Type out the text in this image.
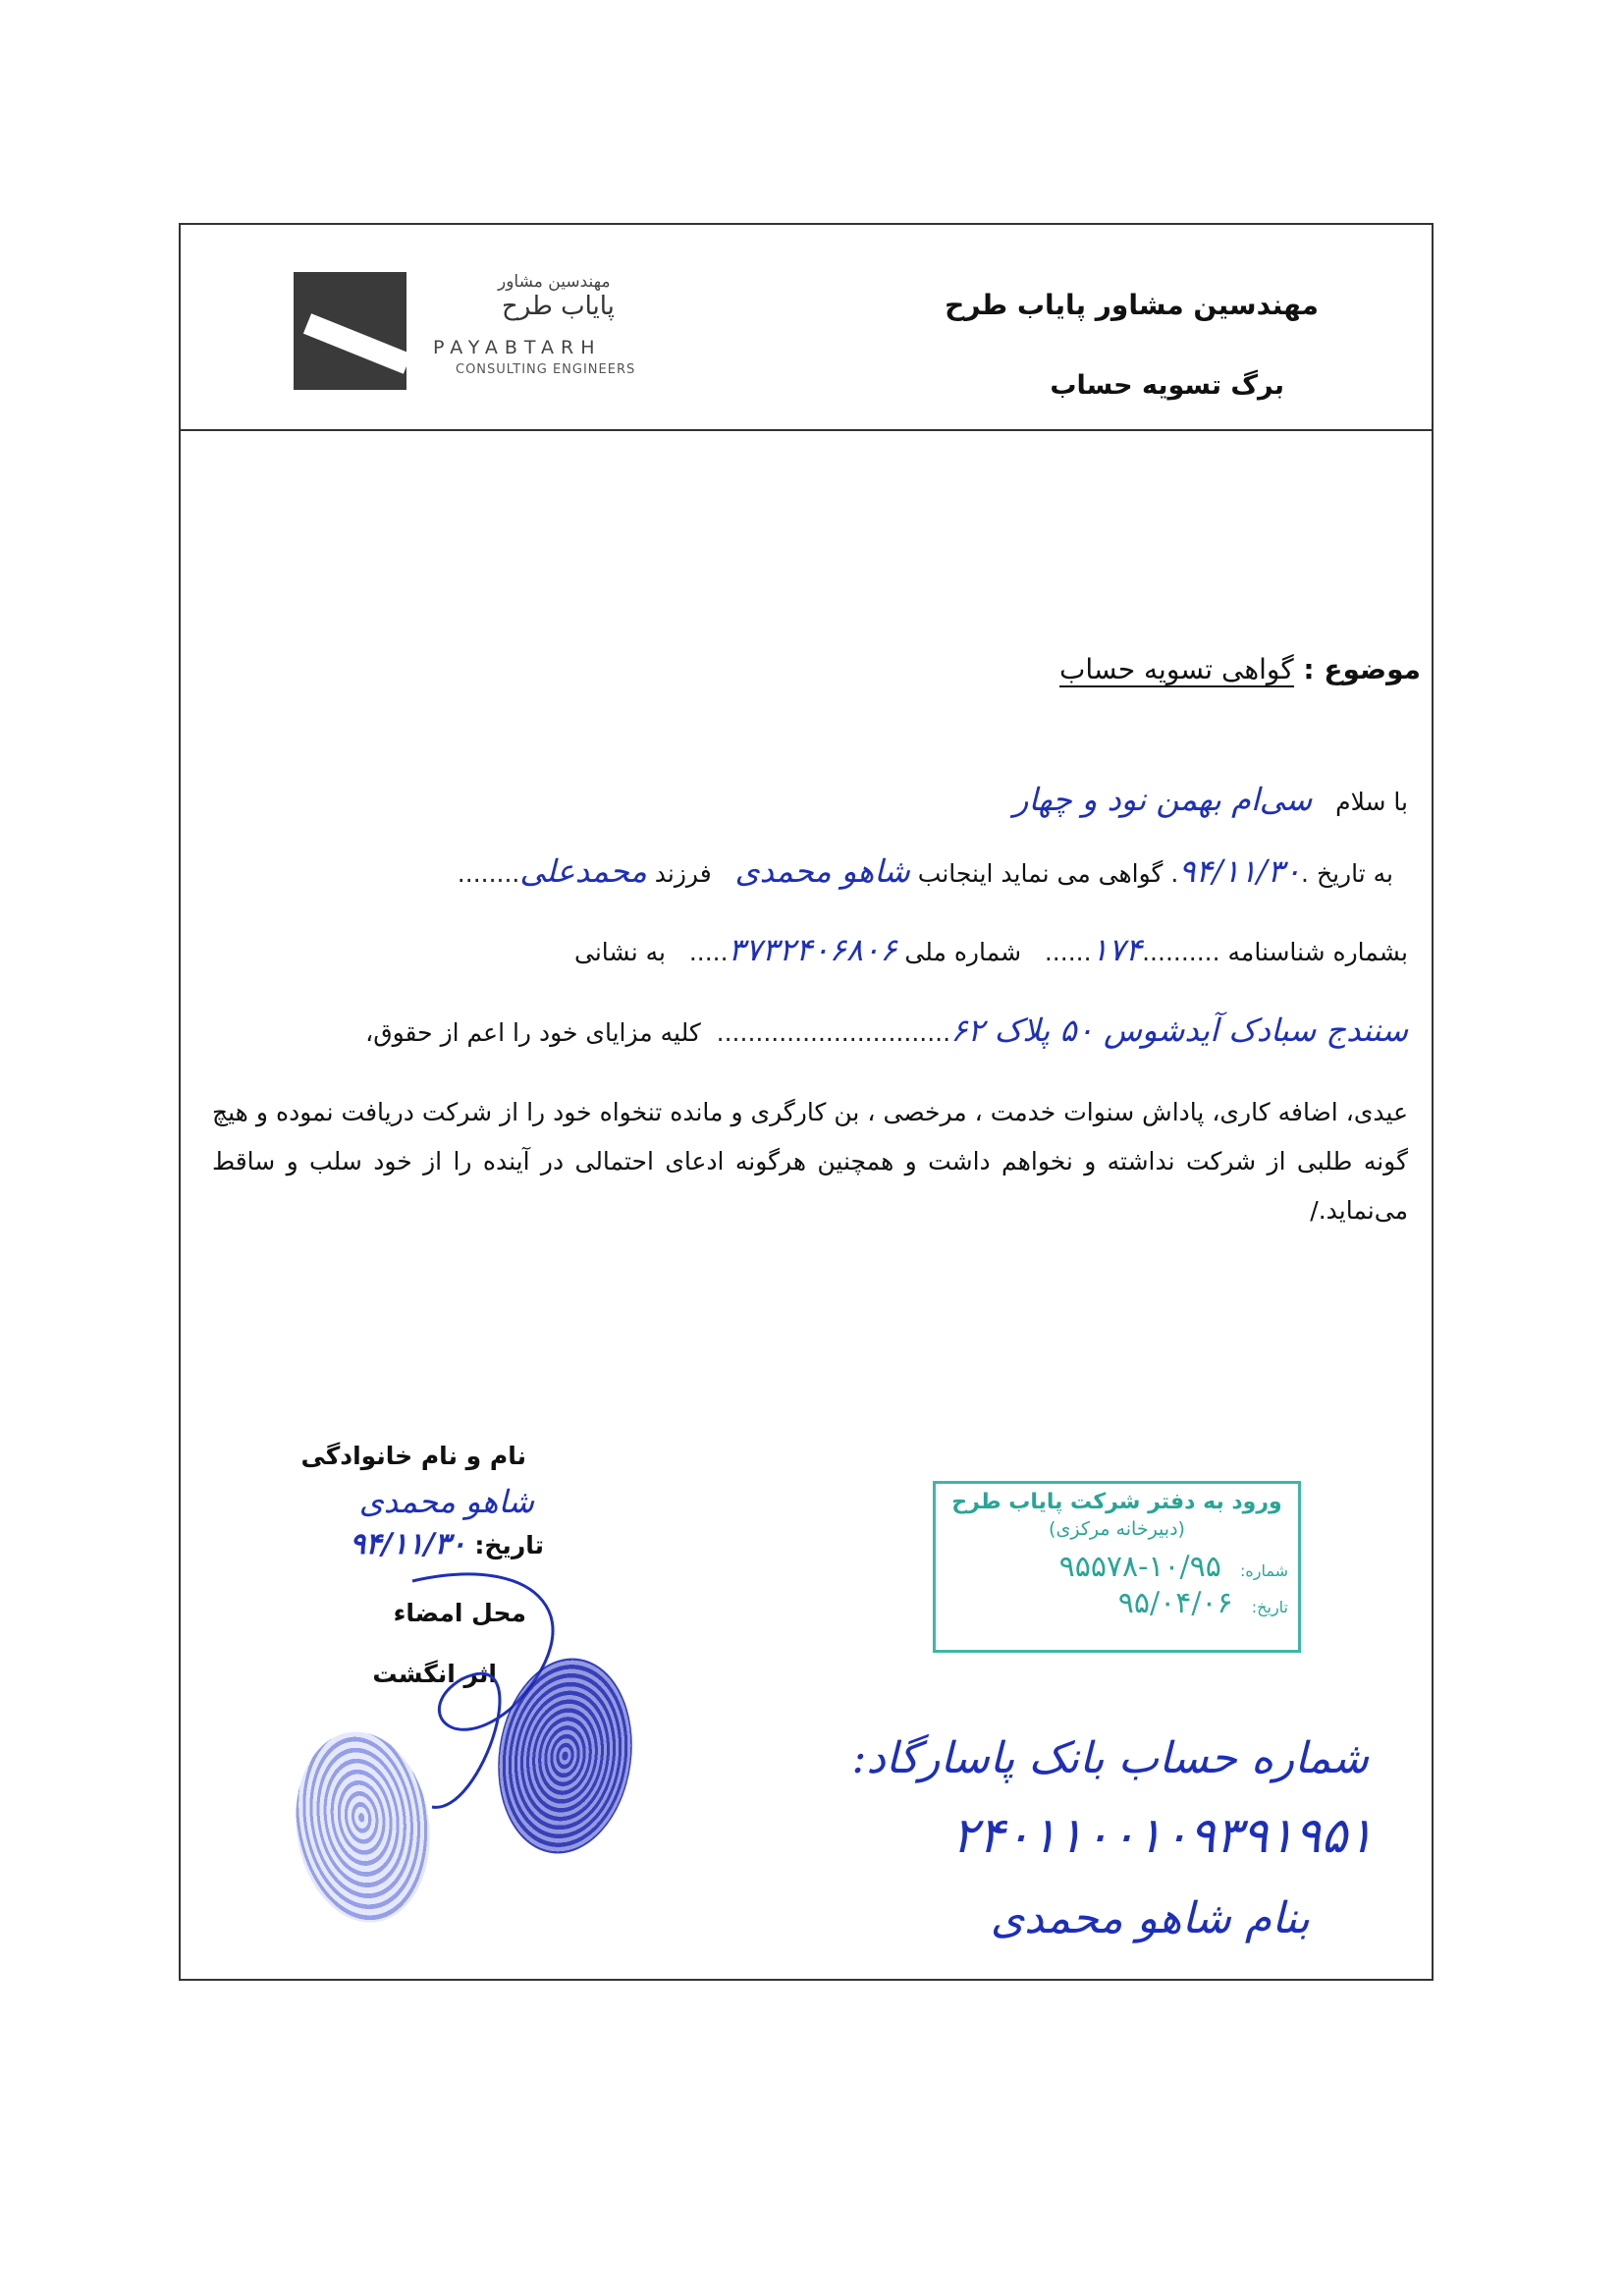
مهندسین مشاور
پایاب طرح
PAYABTARH
CONSULTING ENGINEERS
مهندسین مشاور پایاب طرح
برگ تسویه حساب
موضوع : گواهی تسویه حساب
با سلام   سی‌ام بهمن نود و چهار
به تاریخ .۹۴/۱۱/۳۰. گواهی می نماید اینجانب شاهو محمدی   فرزند محمدعلی........
بشماره شناسنامه ..........۱۷۴......   شماره ملی ۳۷۳۲۴۰۶۸۰۶.....   به نشانی
سنندج سبادک آیدشوس ۵۰ پلاک ۶۲..............................  کلیه مزایای خود را اعم از حقوق،
عیدی، اضافه کاری، پاداش سنوات خدمت ، مرخصی ، بن کارگری و مانده تنخواه خود را از شرکت دریافت نموده و هیچ گونه طلبی از شرکت نداشته و نخواهم داشت و همچنین هرگونه ادعای احتمالی در آینده را از خود سلب و ساقط می‌نماید./
نام و نام خانوادگی
شاهو محمدی
تاریخ: ۹۴/۱۱/۳۰
محل امضاء
اثر انگشت
ورود به دفتر شرکت پایاب طرح
(دبیرخانه مرکزی)
شماره: ۱۰/۹۵-۹۵۵۷۸
تاریخ: ۹۵/۰۴/۰۶
شماره حساب بانک پاسارگاد:
۲۴۰۱۱۰۰۱۰۹۳۹۱۹۵۱
بنام شاهو محمدی
